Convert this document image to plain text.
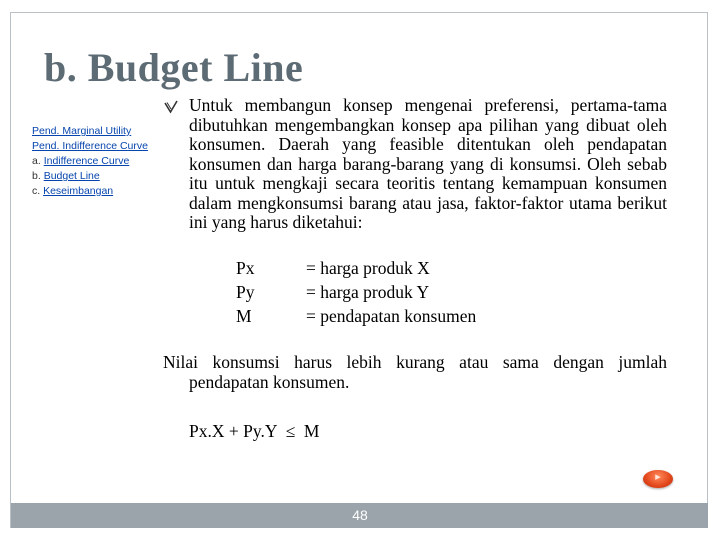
b. Budget Line
Pend. Marginal Utility
Pend. Indifference Curve
a. Indifference Curve
b. Budget Line
c. Keseimbangan

Untuk membangun konsep mengenai preferensi, pertama-tama dibutuhkan mengembangkan konsep apa pilihan yang dibuat oleh konsumen. Daerah yang feasible ditentukan oleh pendapatan konsumen dan harga barang-barang yang di konsumsi. Oleh sebab itu untuk mengkaji secara teoritis tentang kemampuan konsumen dalam mengkonsumsi barang atau jasa, faktor-faktor utama berikut ini yang harus diketahui:

Px	= harga produk X
Py	= harga produk Y
M	= pendapatan konsumen
Nilai konsumsi harus lebih kurang atau sama dengan jumlah pendapatan konsumen.
Px.X + Py.Y  ≤  M
▶
48
